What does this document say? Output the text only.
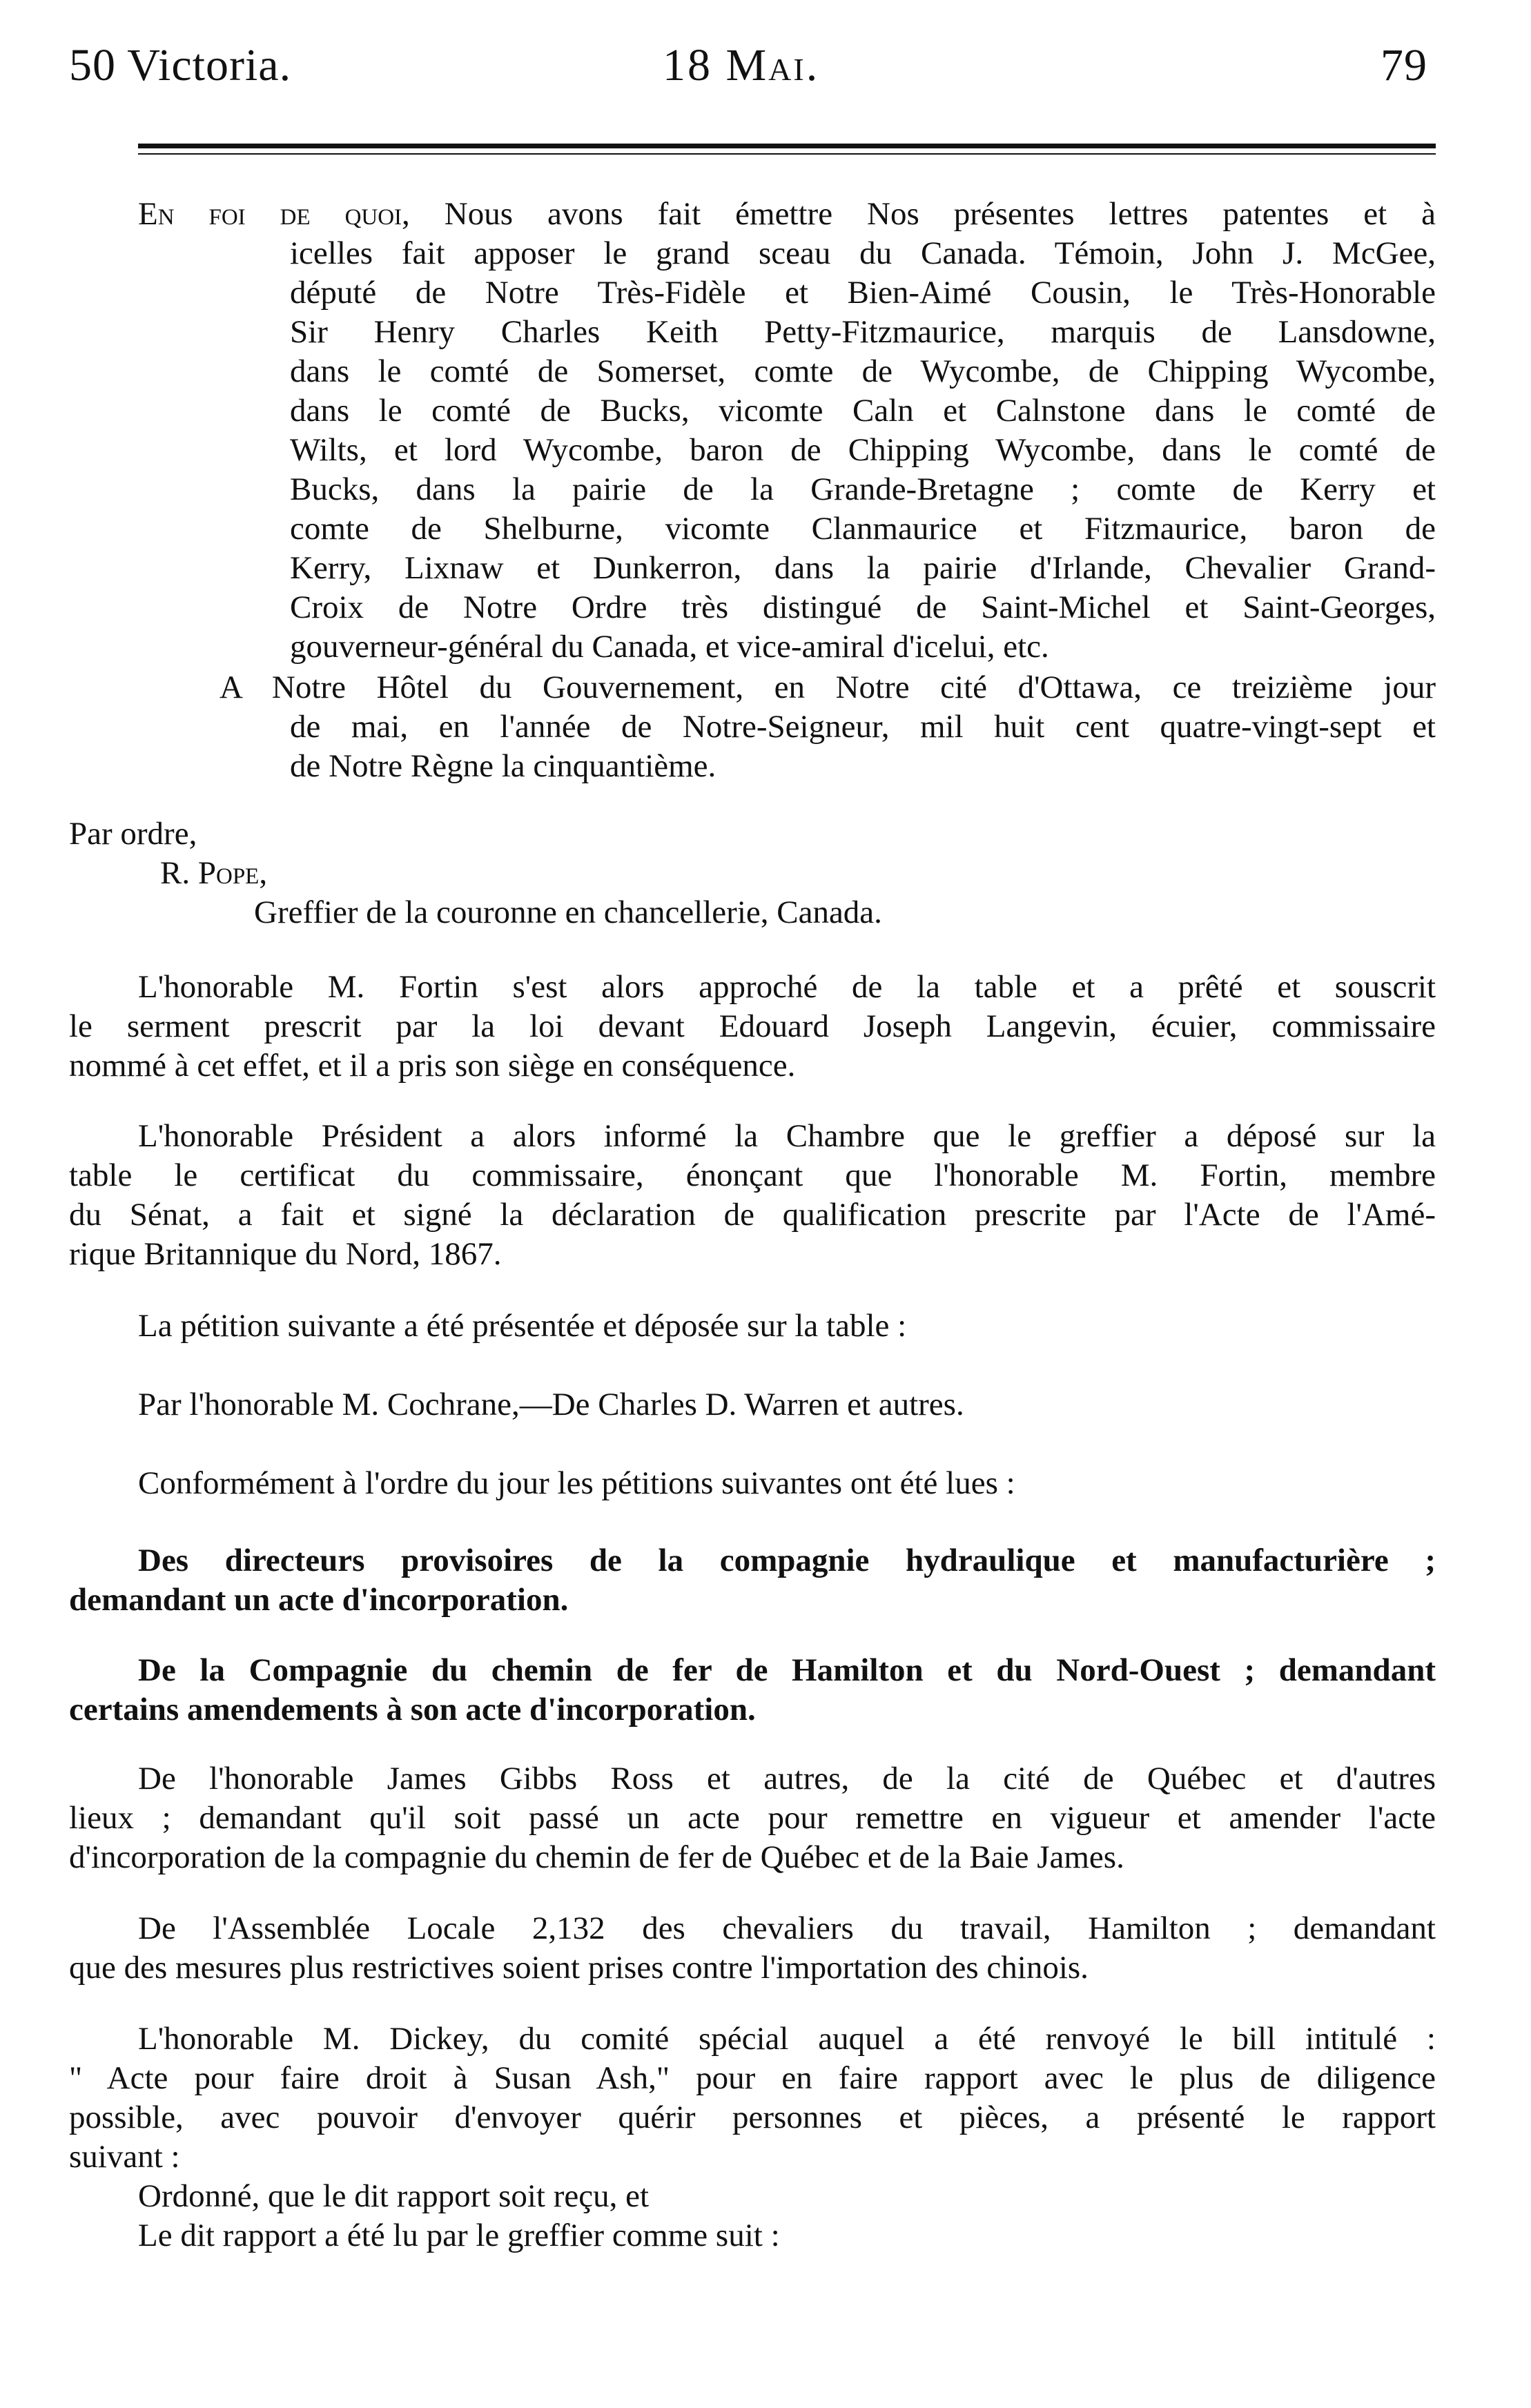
50 Victoria.	18 Mai.	79
En foi de quoi, Nous avons fait émettre Nos présentes lettres patentes et à
icelles fait apposer le grand sceau du Canada. Témoin, John J. McGee,
député de Notre Très-Fidèle et Bien-Aimé Cousin, le Très-Honorable
Sir Henry Charles Keith Petty-Fitzmaurice, marquis de Lansdowne,
dans le comté de Somerset, comte de Wycombe, de Chipping Wycombe,
dans le comté de Bucks, vicomte Caln et Calnstone dans le comté de
Wilts, et lord Wycombe, baron de Chipping Wycombe, dans le comté de
Bucks, dans la pairie de la Grande-Bretagne ; comte de Kerry et
comte de Shelburne, vicomte Clanmaurice et Fitzmaurice, baron de
Kerry, Lixnaw et Dunkerron, dans la pairie d'Irlande, Chevalier Grand-
Croix de Notre Ordre très distingué de Saint-Michel et Saint-Georges,
gouverneur-général du Canada, et vice-amiral d'icelui, etc.
A Notre Hôtel du Gouvernement, en Notre cité d'Ottawa, ce treizième jour
de mai, en l'année de Notre-Seigneur, mil huit cent quatre-vingt-sept et
de Notre Règne la cinquantième.
Par ordre,
R. Pope,
Greffier de la couronne en chancellerie, Canada.
L'honorable M. Fortin s'est alors approché de la table et a prêté et souscrit
le serment prescrit par la loi devant Edouard Joseph Langevin, écuier, commissaire
nommé à cet effet, et il a pris son siège en conséquence.
L'honorable Président a alors informé la Chambre que le greffier a déposé sur la
table le certificat du commissaire, énonçant que l'honorable M. Fortin, membre
du Sénat, a fait et signé la déclaration de qualification prescrite par l'Acte de l'Amé-
rique Britannique du Nord, 1867.
La pétition suivante a été présentée et déposée sur la table :
Par l'honorable M. Cochrane,—De Charles D. Warren et autres.
Conformément à l'ordre du jour les pétitions suivantes ont été lues :
Des directeurs provisoires de la compagnie hydraulique et manufacturière ;
demandant un acte d'incorporation.
De la Compagnie du chemin de fer de Hamilton et du Nord-Ouest ; demandant
certains amendements à son acte d'incorporation.
De l'honorable James Gibbs Ross et autres, de la cité de Québec et d'autres
lieux ; demandant qu'il soit passé un acte pour remettre en vigueur et amender l'acte
d'incorporation de la compagnie du chemin de fer de Québec et de la Baie James.
De l'Assemblée Locale 2,132 des chevaliers du travail, Hamilton ; demandant
que des mesures plus restrictives soient prises contre l'importation des chinois.
L'honorable M. Dickey, du comité spécial auquel a été renvoyé le bill intitulé :
" Acte pour faire droit à Susan Ash," pour en faire rapport avec le plus de diligence
possible, avec pouvoir d'envoyer quérir personnes et pièces, a présenté le rapport
suivant :
Ordonné, que le dit rapport soit reçu, et
Le dit rapport a été lu par le greffier comme suit :
